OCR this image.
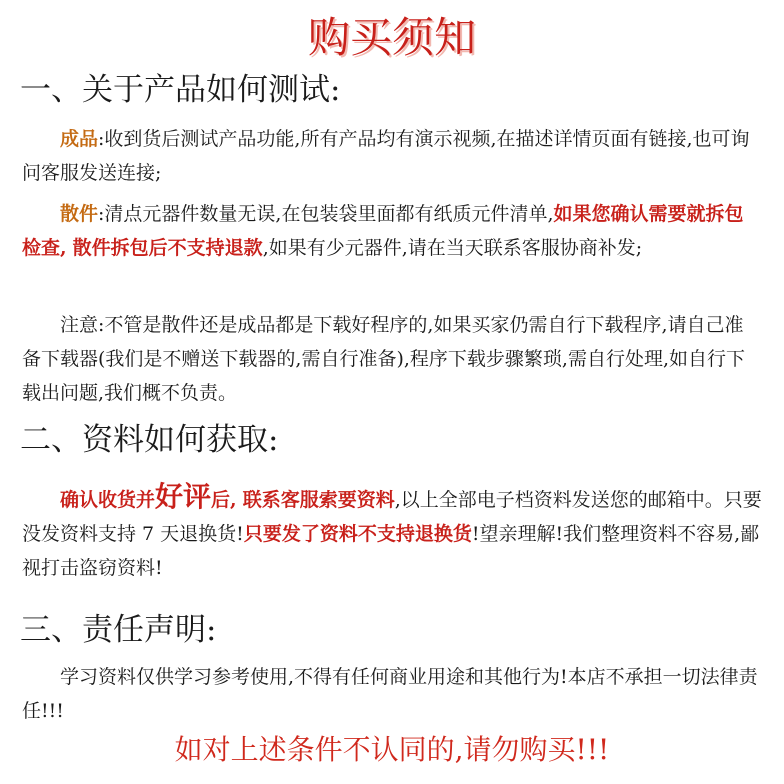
购买须知
一、关于产品如何测试:

成品:收到货后测试产品功能,所有产品均有演示视频,在描述详情页面有链接,也可询问客服发送连接;

散件:清点元器件数量无误,在包装袋里面都有纸质元件清单,如果您确认需要就拆包检查, 散件拆包后不支持退款,如果有少元器件,请在当天联系客服协商补发;

注意:不管是散件还是成品都是下载好程序的,如果买家仍需自行下载程序,请自己准备下载器(我们是不赠送下载器的,需自行准备),程序下载步骤繁琐,需自行处理,如自行下载出问题,我们概不负责。

二、资料如何获取:

确认收货并好评后, 联系客服索要资料,以上全部电子档资料发送您的邮箱中。只要没发资料支持 7 天退换货!只要发了资料不支持退换货!望亲理解!我们整理资料不容易,鄙视打击盗窃资料!

三、责任声明:

学习资料仅供学习参考使用,不得有任何商业用途和其他行为!本店不承担一切法律责任!!!

如对上述条件不认同的,请勿购买!!!
